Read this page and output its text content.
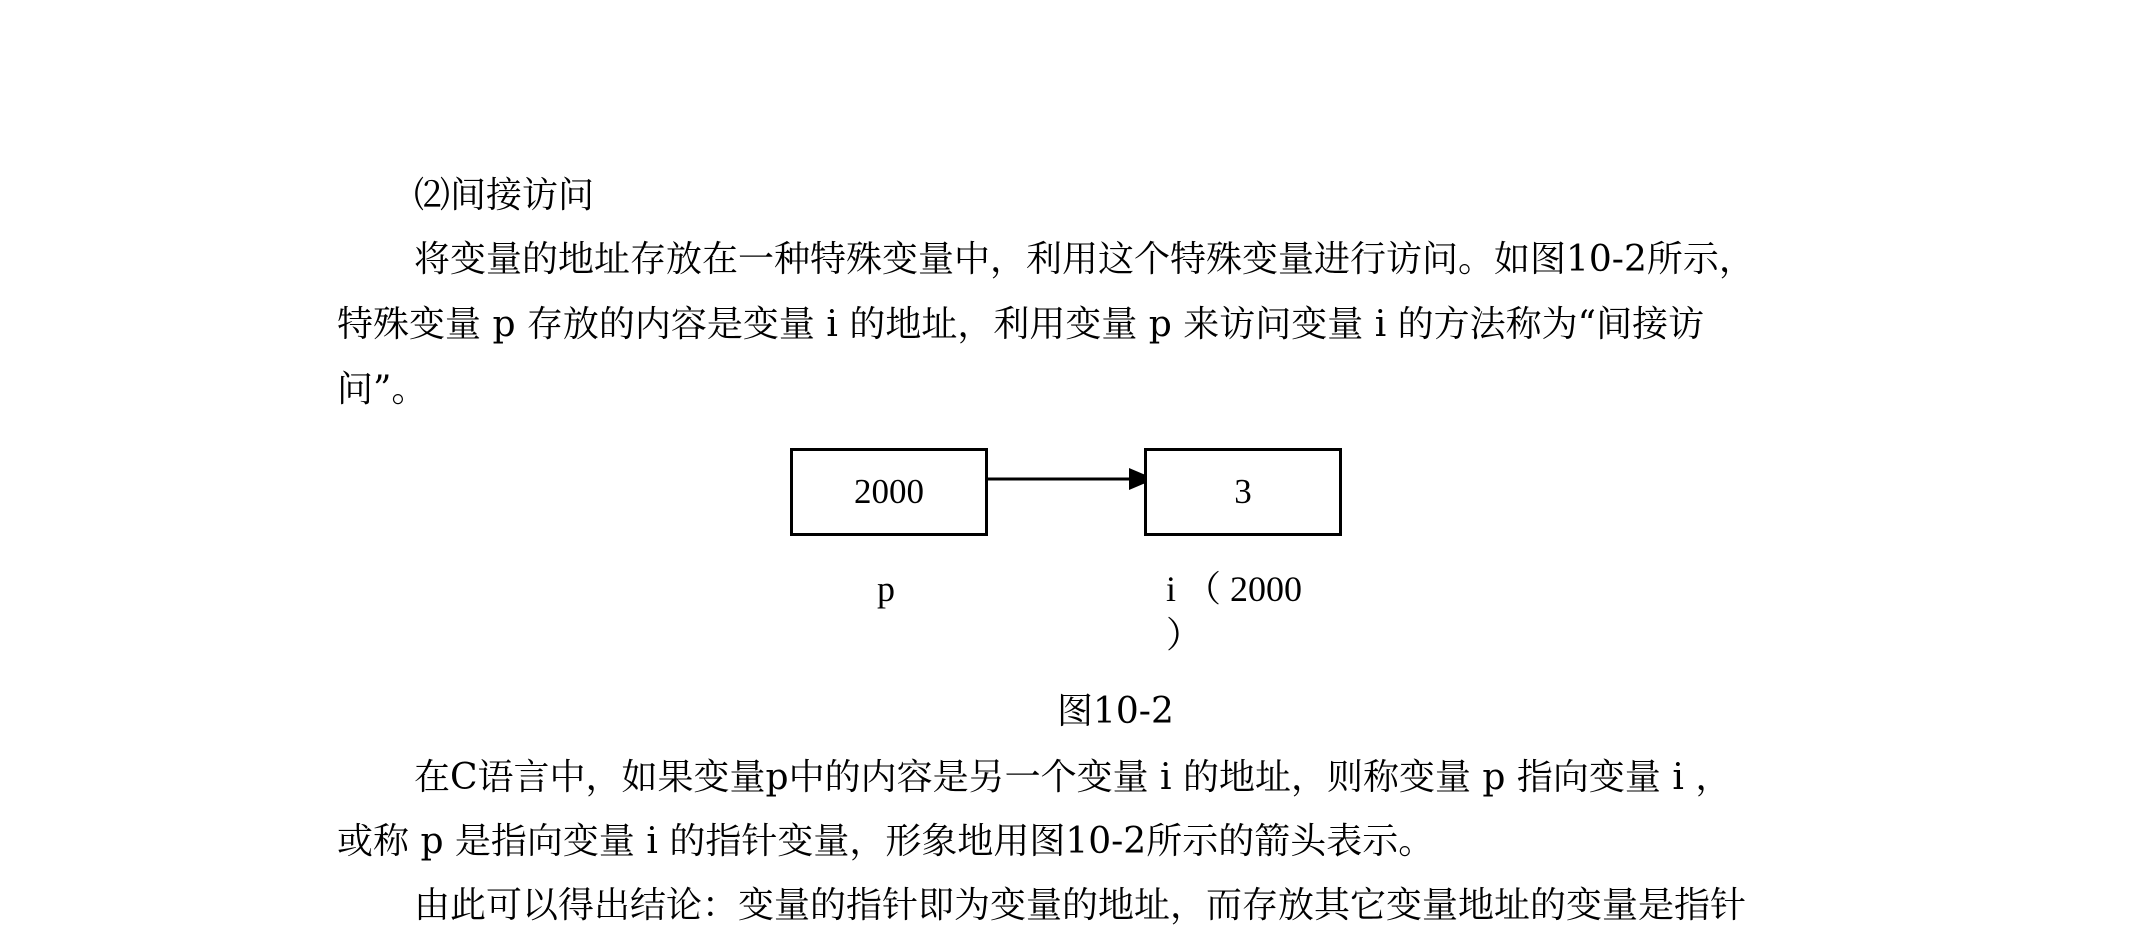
⑵间接访问
将变量的地址存放在一种特殊变量中，利用这个特殊变量进行访问。如图10-2所示，
特殊变量 p 存放的内容是变量 i 的地址，利用变量 p 来访问变量 i 的方法称为“间接访
问”。
2000	3
p	i （ 2000
）
图10-2
在C语言中，如果变量p中的内容是另一个变量 i 的地址，则称变量 p 指向变量 i ，
或称 p 是指向变量 i 的指针变量，形象地用图10-2所示的箭头表示。
由此可以得出结论：变量的指针即为变量的地址，而存放其它变量地址的变量是指针
